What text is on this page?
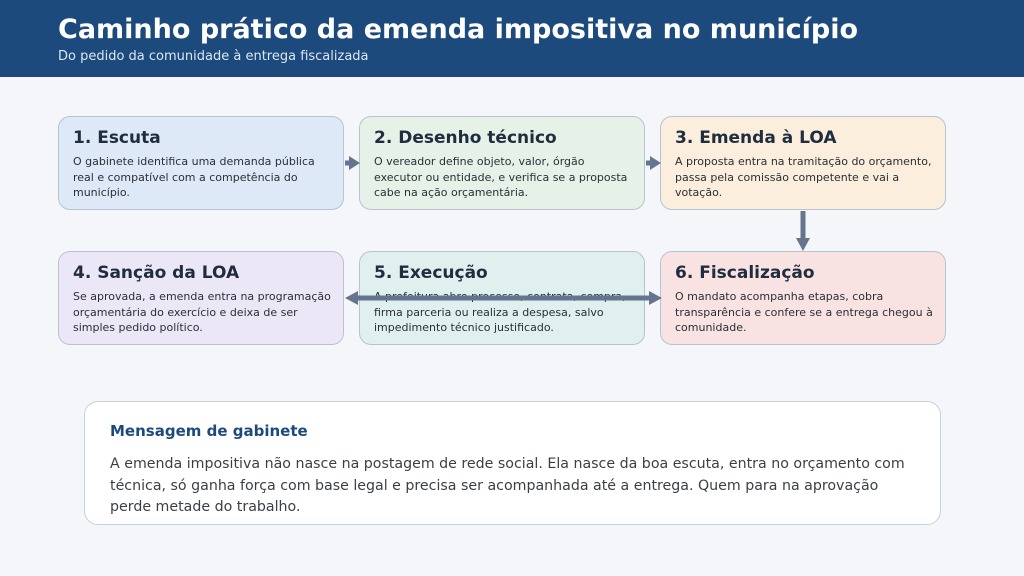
Caminho prático da emenda impositiva no município
Do pedido da comunidade à entrega fiscalizada
1. Escuta
O gabinete identifica uma demanda pública real e compatível com a competência do município.
2. Desenho técnico
O vereador define objeto, valor, órgão executor ou entidade, e verifica se a proposta cabe na ação orçamentária.
3. Emenda à LOA
A proposta entra na tramitação do orçamento, passa pela comissão competente e vai a votação.
4. Sanção da LOA
Se aprovada, a emenda entra na programação orçamentária do exercício e deixa de ser simples pedido político.
5. Execução
A prefeitura abre processo, contrata, compra, firma parceria ou realiza a despesa, salvo impedimento técnico justificado.
6. Fiscalização
O mandato acompanha etapas, cobra transparência e confere se a entrega chegou à comunidade.
Mensagem de gabinete
A emenda impositiva não nasce na postagem de rede social. Ela nasce da boa escuta, entra no orçamento com técnica, só ganha força com base legal e precisa ser acompanhada até a entrega. Quem para na aprovação perde metade do trabalho.
